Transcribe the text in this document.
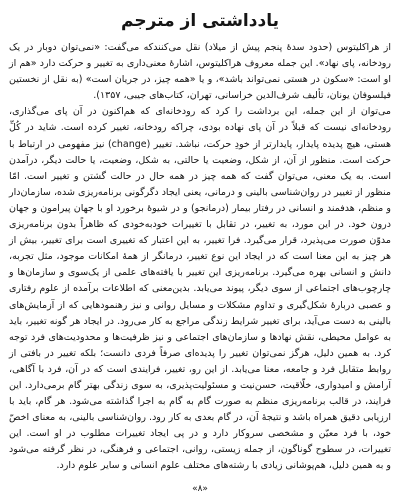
یادداشتی از مترجم

از هراکلیتوس (حدود سدهٔ پنجم پیش از میلاد) نقل می‌کنندکه می‌گفت: «نمی‌توان دوبار در یک رودخانه، پای نهاد». این جمله معروف هراکلیتوس، اشارهٔ معنی‌داری به تغییر و حرکت دارد «هم از او است: «سکون در هستی نمی‌تواند باشد»، و یا «همه چیز، در جریان است» (به نقل از نخستین فیلسوفان یونان، تألیف شرف‌الدین خراسانی، تهران، کتاب‌های جیبی، ۱۳۵۷).

می‌توان از این جمله، این برداشت را کرد که رودخانه‌ای که هم‌اکنون در آن پای می‌گذاری، رودخانه‌ای نیست که قبلاً در آن پای نهاده بودی، چراکه رودخانه، تغییر کرده است. شاید در کُلِّ هستی، هیچ پدیده پایدار، پایدارتر از خودِ حرکت، نباشد. تغییر (change) نیز مفهومی در ارتباط با حرکت است. منظور از آن، از شکل، وضعیت یا حالتی، به شکل، وضعیت، یا حالت دیگر، درآمدن است. به یک معنی، می‌توان گفت که همه چیز در همه حال در حالت گشتن و تغییر است. امّا منظور از تغییر در روان‌شناسی بالینی و درمانی، یعنی ایجاد دگرگونی برنامه‌ریزی شده، سازمان‌دار و منظم، هدفمند و انسانی در رفتار بیمار (درمانجو) و در شیوهٔ برخورد او با جهان پیرامون و جهان درون خود. در این مورد، به تغییر، در تقابل با تغییرات خودبه‌خودی که ظاهراً بدون برنامه‌ریزی مدوّن صورت می‌پذیرد، قرار می‌گیرد. فرا تغییر، به این اعتبار که تغییری است برای تغییر، بیش از هر چیز به این معنا است که در ایجاد این نوع تغییر، درمانگر از همهٔ امکانات موجود، مثل تجربه، دانش و انسانی بهره می‌گیرد. برنامه‌ریزی این تغییر با یافته‌های علمی از یک‌سوی و سازمان‌ها و چارچوب‌های اجتماعی از سوی دیگر، پیوند می‌یابد. بدین‌معنی که اطلاعات برآمده از علوم رفتاری و عصبی دربارهٔ شکل‌گیری و تداوم مشکلات و مسایل روانی و نیز رهنمودهایی که از آزمایش‌های بالینی به دست می‌آید، برای تغییر شرایط زندگی مراجع به کار می‌رود. در ایجاد هر گونه تغییر، باید به عوامل محیطی، نقش نهادها و سازمان‌های اجتماعی و نیز ظرفیت‌ها و محدودیت‌های فرد توجه کرد. به همین دلیل، هرگز نمی‌توان تغییر را پدیده‌ای صرفاً فردی دانست؛ بلکه تغییر در بافتی از روابط متقابل فرد و جامعه، معنا می‌یابد. از این رو، تغییر، فرایندی است که در آن، فرد با آگاهی، آرامش و امیدواری، خلّاقیت، حسن‌نیت و مسئولیت‌پذیری، به سوی زندگی بهتر گام برمی‌دارد. این فرایند، در قالب برنامه‌ریزی منظم به صورت گام به گام به اجرا گذاشته می‌شود. هر گام، باید با ارزیابی دقیق همراه باشد و نتیجهٔ آن، در گام بعدی به کار رود. روان‌شناسی بالینی، به معنای اخصّ خود، با فرد معیّن و مشخصی سروکار دارد و در پی ایجاد تغییرات مطلوب در او است. این تغییرات، در سطوح گوناگون، از جمله زیستی، روانی، اجتماعی و فرهنگی، در نظر گرفته می‌شود و به همین دلیل، هم‌پوشانی زیادی با رشته‌های مختلف علوم انسانی و سایر علوم دارد.

«۸»
